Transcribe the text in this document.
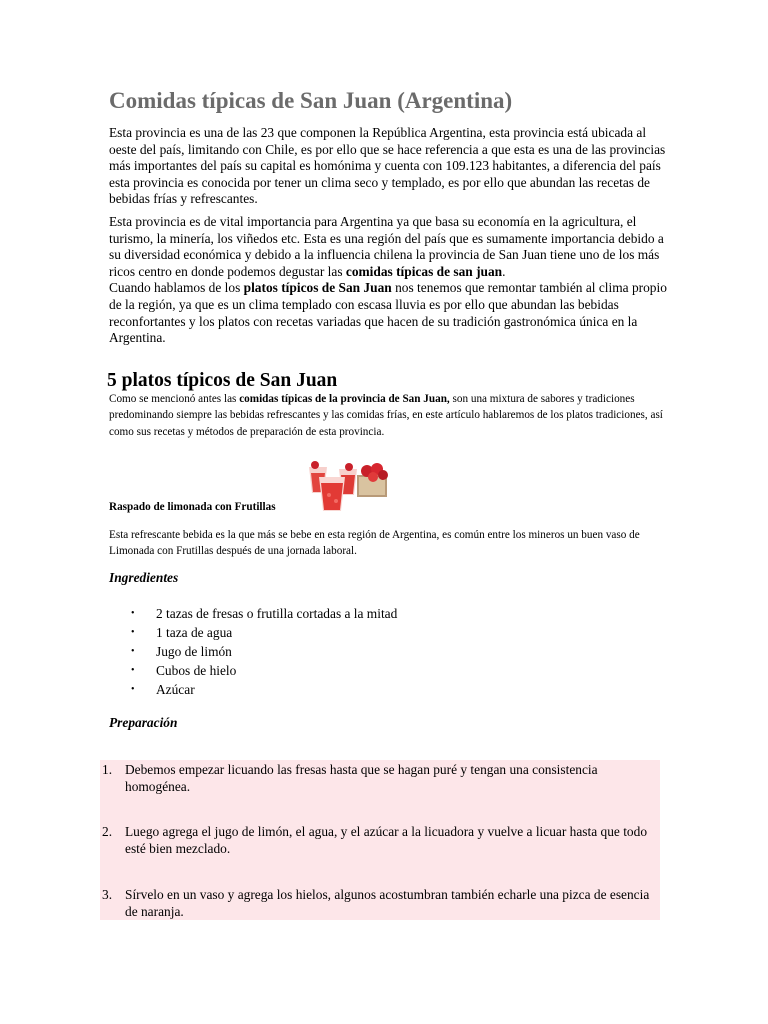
Comidas típicas de San Juan (Argentina)

Esta provincia es una de las 23 que componen la República Argentina, esta provincia está ubicada al oeste del país, limitando con Chile, es por ello que se hace referencia a que esta es una de las provincias más importantes del país su capital es homónima y cuenta con 109.123 habitantes, a diferencia del país esta provincia es conocida por tener un clima seco y templado, es por ello que abundan las recetas de bebidas frías y refrescantes.

Esta provincia es de vital importancia para Argentina ya que basa su economía en la agricultura, el turismo, la minería, los viñedos etc. Esta es una región del país que es sumamente importancia debido a su diversidad económica y debido a la influencia chilena la provincia de San Juan tiene uno de los más ricos centro en donde podemos degustar las comidas típicas de san juan.
Cuando hablamos de los platos típicos de San Juan nos tenemos que remontar también al clima propio de la región, ya que es un clima templado con escasa lluvia es por ello que abundan las bebidas reconfortantes y los platos con recetas variadas que hacen de su tradición gastronómica única en la Argentina.

5 platos típicos de San Juan

Como se mencionó antes las comidas típicas de la provincia de San Juan, son una mixtura de sabores y tradiciones predominando siempre las bebidas refrescantes y las comidas frías, en este artículo hablaremos de los platos tradiciones, así como sus recetas y métodos de preparación de esta provincia.

Raspado de limonada con Frutillas

Esta refrescante bebida es la que más se bebe en esta región de Argentina, es común entre los mineros un buen vaso de Limonada con Frutillas después de una jornada laboral.

Ingredientes
• 2 tazas de fresas o frutilla cortadas a la mitad
• 1 taza de agua
• Jugo de limón
• Cubos de hielo
• Azúcar
Preparación
1. Debemos empezar licuando las fresas hasta que se hagan puré y tengan una consistencia homogénea.
2. Luego agrega el jugo de limón, el agua, y el azúcar a la licuadora y vuelve a licuar hasta que todo esté bien mezclado.
3. Sírvelo en un vaso y agrega los hielos, algunos acostumbran también echarle una pizca de esencia de naranja.
